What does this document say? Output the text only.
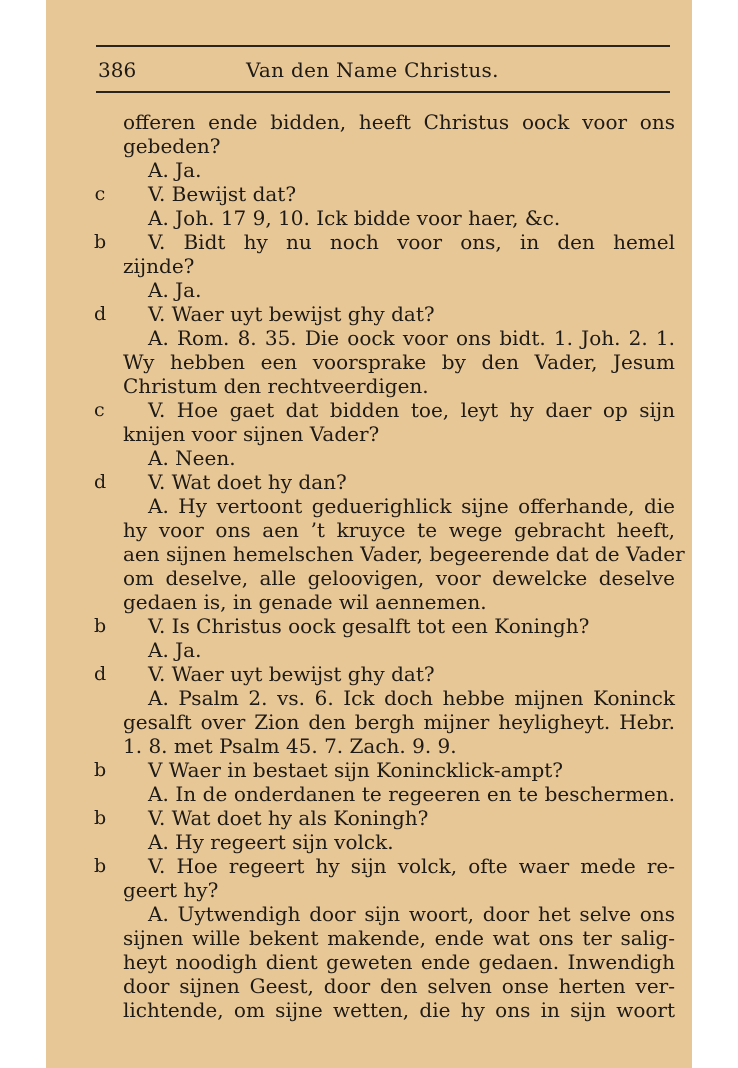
386	Van den Name Christus.
offeren ende bidden, heeft Christus oock voor ons
gebeden?
A. Ja.
c V. Bewijst dat?
A. Joh. 17 9, 10. Ick bidde voor haer, &c.
b V. Bidt hy nu noch voor ons, in den hemel
zijnde?
A. Ja.
d V. Waer uyt bewijst ghy dat?
A. Rom. 8. 35. Die oock voor ons bidt. 1. Joh. 2. 1.
Wy hebben een voorsprake by den Vader, Jesum
Christum den rechtveerdigen.
c V. Hoe gaet dat bidden toe, leyt hy daer op sijn
knijen voor sijnen Vader?
A. Neen.
d V. Wat doet hy dan?
A. Hy vertoont geduerighlick sijne offerhande, die
hy voor ons aen ’t kruyce te wege gebracht heeft,
aen sijnen hemelschen Vader, begeerende dat de Vader
om deselve, alle geloovigen, voor dewelcke deselve
gedaen is, in genade wil aennemen.
b V. Is Christus oock gesalft tot een Koningh?
A. Ja.
d V. Waer uyt bewijst ghy dat?
A. Psalm 2. vs. 6. Ick doch hebbe mijnen Koninck
gesalft over Zion den bergh mijner heyligheyt. Hebr.
1. 8. met Psalm 45. 7. Zach. 9. 9.
b V Waer in bestaet sijn Konincklick-ampt?
A. In de onderdanen te regeeren en te beschermen.
b V. Wat doet hy als Koningh?
A. Hy regeert sijn volck.
b V. Hoe regeert hy sijn volck, ofte waer mede re-
geert hy?
A. Uytwendigh door sijn woort, door het selve ons
sijnen wille bekent makende, ende wat ons ter salig-
heyt noodigh dient geweten ende gedaen. Inwendigh
door sijnen Geest, door den selven onse herten ver-
lichtende, om sijne wetten, die hy ons in sijn woort
